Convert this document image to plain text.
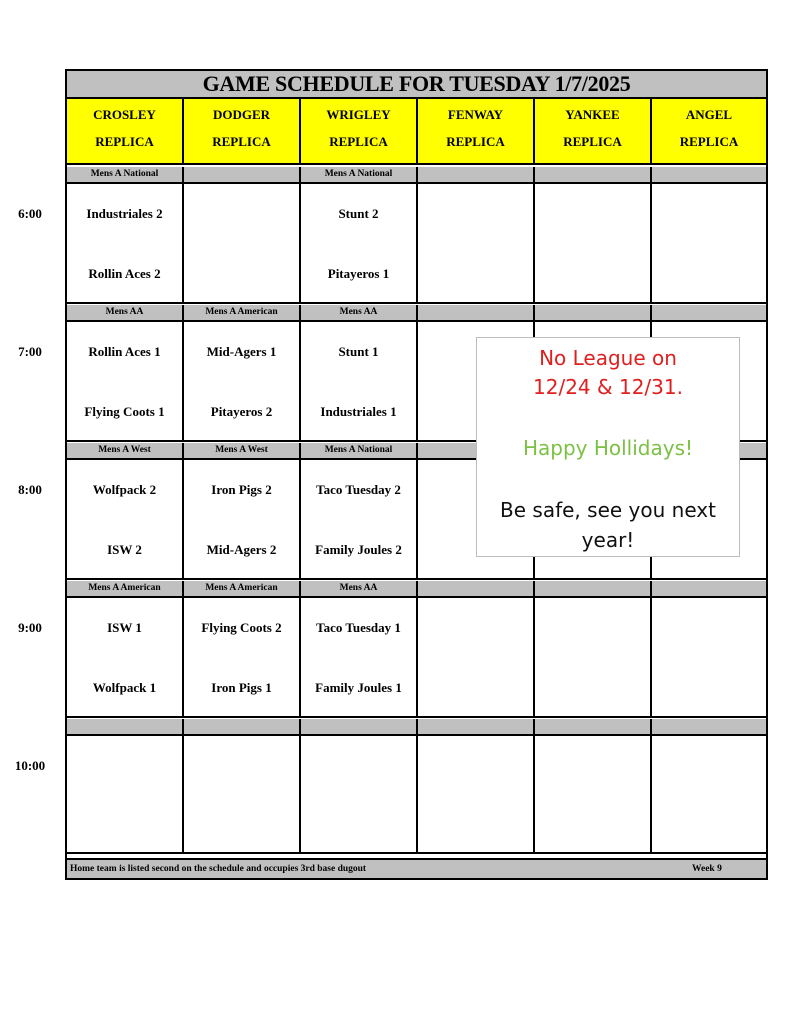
GAME SCHEDULE FOR TUESDAY 1/7/2025
CROSLEY
REPLICA
DODGER
REPLICA
WRIGLEY
REPLICA
FENWAY
REPLICA
YANKEE
REPLICA
ANGEL
REPLICA
Mens A National
Industriales 2
Rollin Aces 2
Mens A National
Stunt 2
Pitayeros 1
Mens AA
Rollin Aces 1
Flying Coots 1
Mens A American
Mid-Agers 1
Pitayeros 2
Mens AA
Stunt 1
Industriales 1
Mens A West
Wolfpack 2
ISW 2
Mens A West
Iron Pigs 2
Mid-Agers 2
Mens A National
Taco Tuesday 2
Family Joules 2
Mens A American
ISW 1
Wolfpack 1
Mens A American
Flying Coots 2
Iron Pigs 1
Mens AA
Taco Tuesday 1
Family Joules 1
Home team is listed second on the schedule and occupies 3rd base dugout	Week 9
6:00
7:00
8:00
9:00
10:00
No League on
12/24 & 12/31.
Happy Hollidays!
Be safe, see you next
year!
